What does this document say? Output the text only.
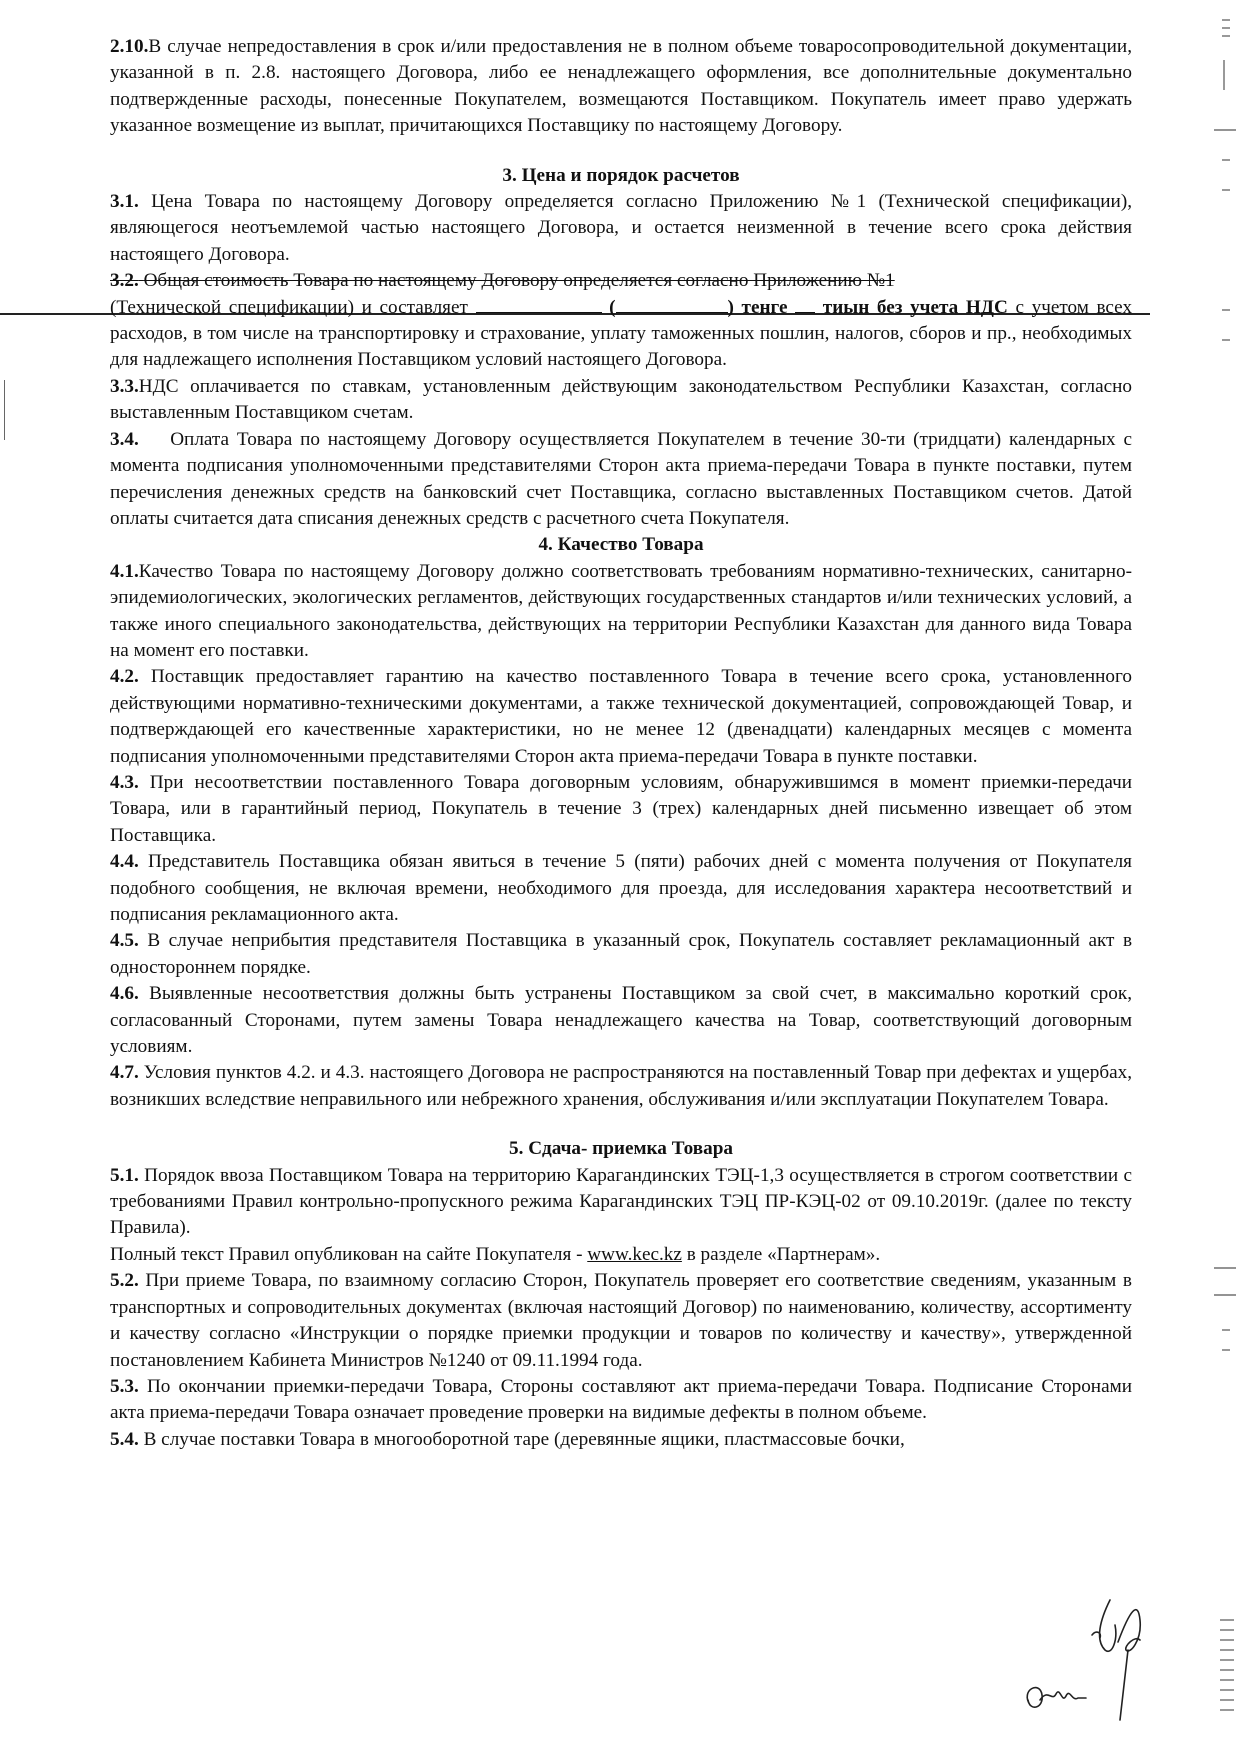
2.10.В случае непредоставления в срок и/или предоставления не в полном объеме товаросопроводительной документации, указанной в п. 2.8. настоящего Договора, либо ее ненадлежащего оформления, все дополнительные документально подтвержденные расходы, понесенные Покупателем, возмещаются Поставщиком. Покупатель имеет право удержать указанное возмещение из выплат, причитающихся Поставщику по настоящему Договору.

3. Цена и порядок расчетов

3.1. Цена Товара по настоящему Договору определяется согласно Приложению №1 (Технической спецификации), являющегося неотъемлемой частью настоящего Договора, и остается неизменной в течение всего срока действия настоящего Договора.

3.2. Общая стоимость Товара по настоящему Договору определяется согласно Приложению №1
(Технической спецификации) и составляет	(	) тенге тиын без учета НДС с учетом всех расходов, в том числе на транспортировку и страхование, уплату таможенных пошлин, налогов, сборов и пр., необходимых для надлежащего исполнения Поставщиком условий настоящего Договора.

3.3.НДС оплачивается по ставкам, установленным действующим законодательством Республики Казахстан, согласно выставленным Поставщиком счетам.

3.4. Оплата Товара по настоящему Договору осуществляется Покупателем в течение 30-ти (тридцати) календарных с момента подписания уполномоченными представителями Сторон акта приема-передачи Товара в пункте поставки, путем перечисления денежных средств на банковский счет Поставщика, согласно выставленных Поставщиком счетов. Датой оплаты считается дата списания денежных средств с расчетного счета Покупателя.

4. Качество Товара

4.1.Качество Товара по настоящему Договору должно соответствовать требованиям нормативно-технических, санитарно-эпидемиологических, экологических регламентов, действующих государственных стандартов и/или технических условий, а также иного специального законодательства, действующих на территории Республики Казахстан для данного вида Товара на момент его поставки.

4.2. Поставщик предоставляет гарантию на качество поставленного Товара в течение всего срока, установленного действующими нормативно-техническими документами, а также технической документацией, сопровождающей Товар, и подтверждающей его качественные характеристики, но не менее 12 (двенадцати) календарных месяцев с момента подписания уполномоченными представителями Сторон акта приема-передачи Товара в пункте поставки.

4.3. При несоответствии поставленного Товара договорным условиям, обнаружившимся в момент приемки-передачи Товара, или в гарантийный период, Покупатель в течение 3 (трех) календарных дней письменно извещает об этом Поставщика.

4.4. Представитель Поставщика обязан явиться в течение 5 (пяти) рабочих дней с момента получения от Покупателя подобного сообщения, не включая времени, необходимого для проезда, для исследования характера несоответствий и подписания рекламационного акта.

4.5. В случае неприбытия представителя Поставщика в указанный срок, Покупатель составляет рекламационный акт в одностороннем порядке.

4.6. Выявленные несоответствия должны быть устранены Поставщиком за свой счет, в максимально короткий срок, согласованный Сторонами, путем замены Товара ненадлежащего качества на Товар, соответствующий договорным условиям.

4.7. Условия пунктов 4.2. и 4.3. настоящего Договора не распространяются на поставленный Товар при дефектах и ущербах, возникших вследствие неправильного или небрежного хранения, обслуживания и/или эксплуатации Покупателем Товара.

5. Сдача- приемка Товара

5.1. Порядок ввоза Поставщиком Товара на территорию Карагандинских ТЭЦ-1,3 осуществляется в строгом соответствии с требованиями Правил контрольно-пропускного режима Карагандинских ТЭЦ ПР-КЭЦ-02 от 09.10.2019г. (далее по тексту Правила).

Полный текст Правил опубликован на сайте Покупателя - www.kec.kz в разделе «Партнерам».

5.2. При приеме Товара, по взаимному согласию Сторон, Покупатель проверяет его соответствие сведениям, указанным в транспортных и сопроводительных документах (включая настоящий Договор) по наименованию, количеству, ассортименту и качеству согласно «Инструкции о порядке приемки продукции и товаров по количеству и качеству», утвержденной постановлением Кабинета Министров №1240 от 09.11.1994 года.

5.3. По окончании приемки-передачи Товара, Стороны составляют акт приема-передачи Товара. Подписание Сторонами акта приема-передачи Товара означает проведение проверки на видимые дефекты в полном объеме.

5.4. В случае поставки Товара в многооборотной таре (деревянные ящики, пластмассовые бочки,
